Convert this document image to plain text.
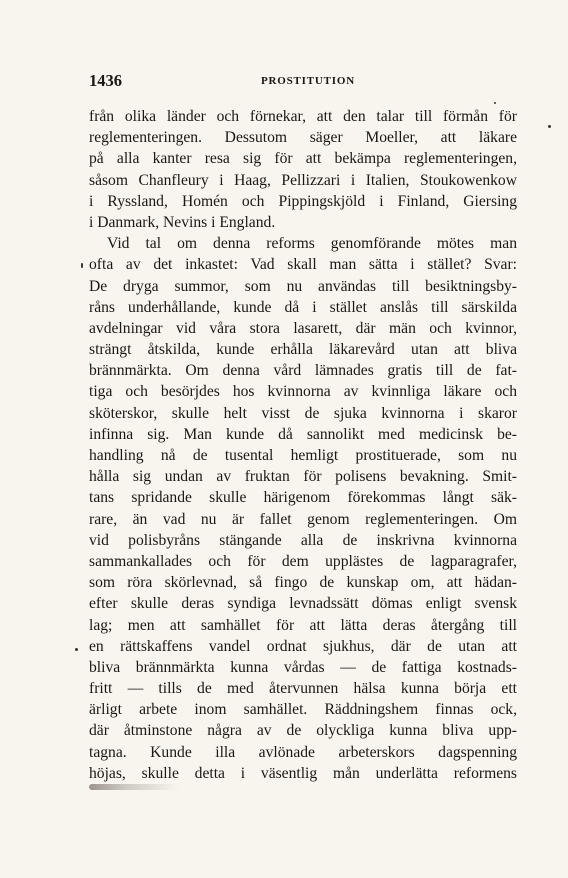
1436	PROSTITUTION
från olika länder och förnekar, att den talar till förmån för
reglementeringen. Dessutom säger Moeller, att läkare
på alla kanter resa sig för att bekämpa reglementeringen,
såsom Chanfleury i Haag, Pellizzari i Italien, Stoukowenkow
i Ryssland, Homén och Pippingskjöld i Finland, Giersing
i Danmark, Nevins i England.
Vid tal om denna reforms genomförande mötes man
ofta av det inkastet: Vad skall man sätta i stället? Svar:
De dryga summor, som nu användas till besiktningsby-
råns underhållande, kunde då i stället anslås till särskilda
avdelningar vid våra stora lasarett, där män och kvinnor,
strängt åtskilda, kunde erhålla läkarevård utan att bliva
brännmärkta. Om denna vård lämnades gratis till de fat-
tiga och besörjdes hos kvinnorna av kvinnliga läkare och
sköterskor, skulle helt visst de sjuka kvinnorna i skaror
infinna sig. Man kunde då sannolikt med medicinsk be-
handling nå de tusental hemligt prostituerade, som nu
hålla sig undan av fruktan för polisens bevakning. Smit-
tans spridande skulle härigenom förekommas långt säk-
rare, än vad nu är fallet genom reglementeringen. Om
vid polisbyråns stängande alla de inskrivna kvinnorna
sammankallades och för dem upplästes de lagparagrafer,
som röra skörlevnad, så fingo de kunskap om, att hädan-
efter skulle deras syndiga levnadssätt dömas enligt svensk
lag; men att samhället för att lätta deras återgång till
en rättskaffens vandel ordnat sjukhus, där de utan att
bliva brännmärkta kunna vårdas — de fattiga kostnads-
fritt — tills de med återvunnen hälsa kunna börja ett
ärligt arbete inom samhället. Räddningshem finnas ock,
där åtminstone några av de olyckliga kunna bliva upp-
tagna. Kunde illa avlönade arbeterskors dagspenning
höjas, skulle detta i väsentlig mån underlätta reformens
